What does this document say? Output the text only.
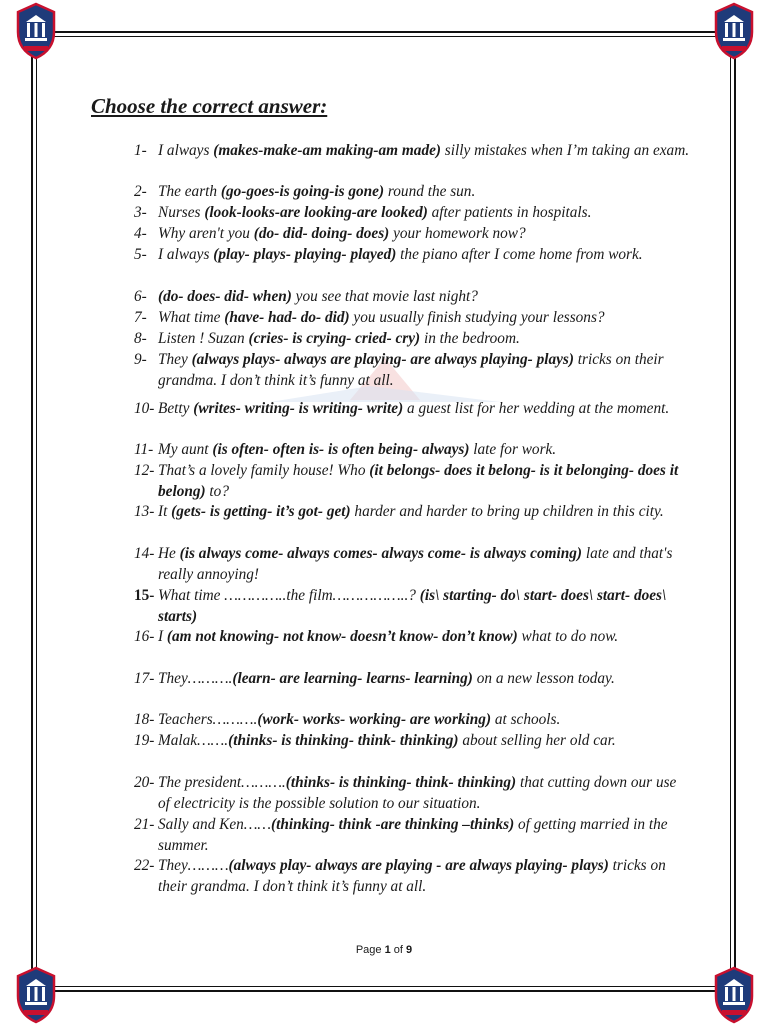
Choose the correct answer:
1- I always (makes-make-am making-am made) silly mistakes when I’m taking an exam.
2- The earth (go-goes-is going-is gone) round the sun.
3- Nurses (look-looks-are looking-are looked) after patients in hospitals.
4- Why aren't you (do- did- doing- does) your homework now?
5- I always (play- plays- playing- played) the piano after I come home from work.
6- (do- does- did- when) you see that movie last night?
7- What time (have- had- do- did) you usually finish studying your lessons?
8- Listen ! Suzan (cries- is crying- cried- cry) in the bedroom.
9- They (always plays- always are playing- are always playing- plays) tricks on their grandma. I don’t think it’s funny at all.
10- Betty (writes- writing- is writing- write) a guest list for her wedding at the moment.
11- My aunt (is often- often is- is often being- always) late for work.
12- That’s a lovely family house! Who (it belongs- does it belong- is it belonging- does it belong) to?
13- It (gets- is getting- it’s got- get) harder and harder to bring up children in this city.
14- He (is always come- always comes- always come- is always coming) late and that's really annoying!
15- What time …………..the film……………..? (is\ starting- do\ start- does\ start- does\ starts)
16- I (am not knowing- not know- doesn’t know- don’t know) what to do now.
17- They……….(learn- are learning- learns- learning) on a new lesson today.
18- Teachers……….(work- works- working- are working) at schools.
19- Malak…….(thinks- is thinking- think- thinking) about selling her old car.
20- The president……….(thinks- is thinking- think- thinking) that cutting down our use of electricity is the possible solution to our situation.
21- Sally and Ken……(thinking- think -are thinking –thinks) of getting married in the summer.
22- They………(always play- always are playing - are always playing- plays) tricks on their grandma. I don’t think it’s funny at all.
Page 1 of 9
